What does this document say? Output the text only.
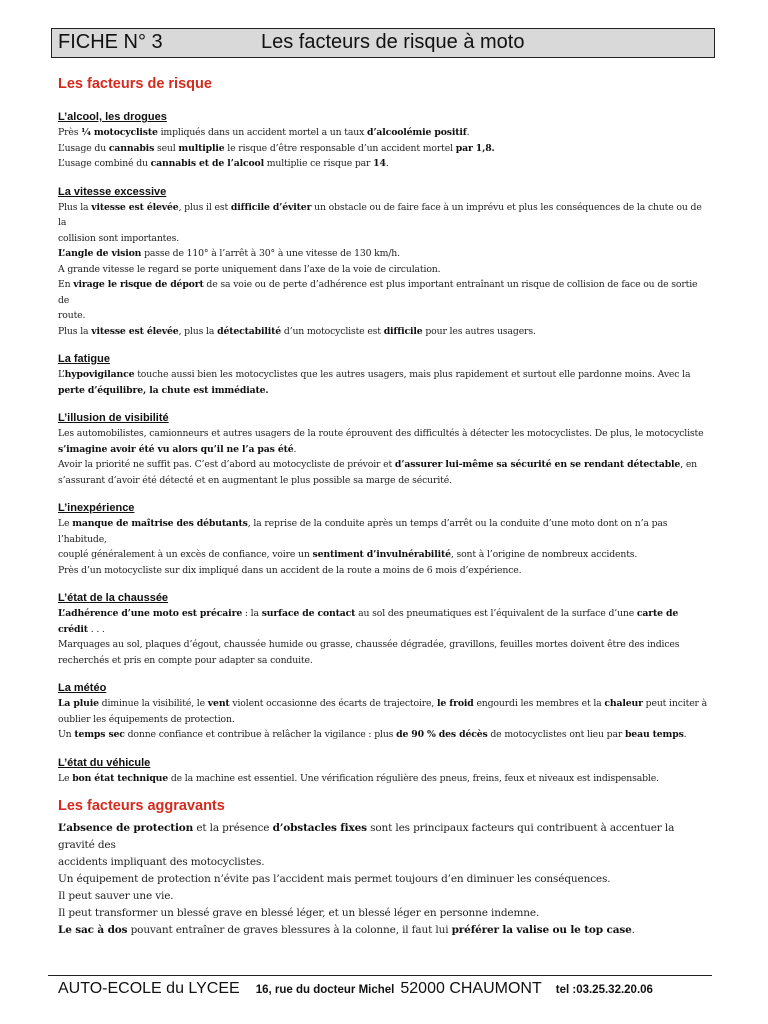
FICHE N° 3	Les facteurs de risque à moto
Les facteurs de risque
L’alcool, les drogues

Près ¼ motocycliste impliqués dans un accident mortel a un taux d’alcoolémie positif.

L’usage du cannabis seul multiplie le risque d’être responsable d’un accident mortel par 1,8.

L’usage combiné du cannabis et de l’alcool multiplie ce risque par 14.

La vitesse excessive

Plus la vitesse est élevée, plus il est difficile d’éviter un obstacle ou de faire face à un imprévu et plus les conséquences de la chute ou de la

collision sont importantes.

L’angle de vision passe de 110° à l’arrêt à 30° à une vitesse de 130 km/h.

A grande vitesse le regard se porte uniquement dans l’axe de la voie de circulation.

En virage le risque de déport de sa voie ou de perte d’adhérence est plus important entraînant un risque de collision de face ou de sortie de

route.

Plus la vitesse est élevée, plus la détectabilité d’un motocycliste est difficile pour les autres usagers.

La fatigue

L’hypovigilance touche aussi bien les motocyclistes que les autres usagers, mais plus rapidement et surtout elle pardonne moins. Avec la

perte d’équilibre, la chute est immédiate.

L’illusion de visibilité

Les automobilistes, camionneurs et autres usagers de la route éprouvent des difficultés à détecter les motocyclistes. De plus, le motocycliste

s’imagine avoir été vu alors qu’il ne l’a pas été.

Avoir la priorité ne suffit pas. C’est d’abord au motocycliste de prévoir et d’assurer lui-même sa sécurité en se rendant détectable, en

s’assurant d’avoir été détecté et en augmentant le plus possible sa marge de sécurité.

L’inexpérience

Le manque de maîtrise des débutants, la reprise de la conduite après un temps d’arrêt ou la conduite d’une moto dont on n’a pas l’habitude,

couplé généralement à un excès de confiance, voire un sentiment d’invulnérabilité, sont à l’origine de nombreux accidents.

Près d’un motocycliste sur dix impliqué dans un accident de la route a moins de 6 mois d’expérience.

L’état de la chaussée

L’adhérence d’une moto est précaire : la surface de contact au sol des pneumatiques est l’équivalent de la surface d’une carte de crédit . . .

Marquages au sol, plaques d’égout, chaussée humide ou grasse, chaussée dégradée, gravillons, feuilles mortes doivent être des indices

recherchés et pris en compte pour adapter sa conduite.

La météo

La pluie diminue la visibilité, le vent violent occasionne des écarts de trajectoire, le froid engourdi les membres et la chaleur peut inciter à

oublier les équipements de protection.

Un temps sec donne confiance et contribue à relâcher la vigilance : plus de 90 % des décès de motocyclistes ont lieu par beau temps.

L’état du véhicule

Le bon état technique de la machine est essentiel. Une vérification régulière des pneus, freins, feux et niveaux est indispensable.

Les facteurs aggravants

L’absence de protection et la présence d’obstacles fixes sont les principaux facteurs qui contribuent à accentuer la gravité des

accidents impliquant des motocyclistes.

Un équipement de protection n’évite pas l’accident mais permet toujours d’en diminuer les conséquences.

Il peut sauver une vie.

Il peut transformer un blessé grave en blessé léger, et un blessé léger en personne indemne.

Le sac à dos pouvant entraîner de graves blessures à la colonne, il faut lui préférer la valise ou le top case.

AUTO-ECOLE du LYCEE 16, rue du docteur Michel 52000 CHAUMONT tel :03.25.32.20.06
